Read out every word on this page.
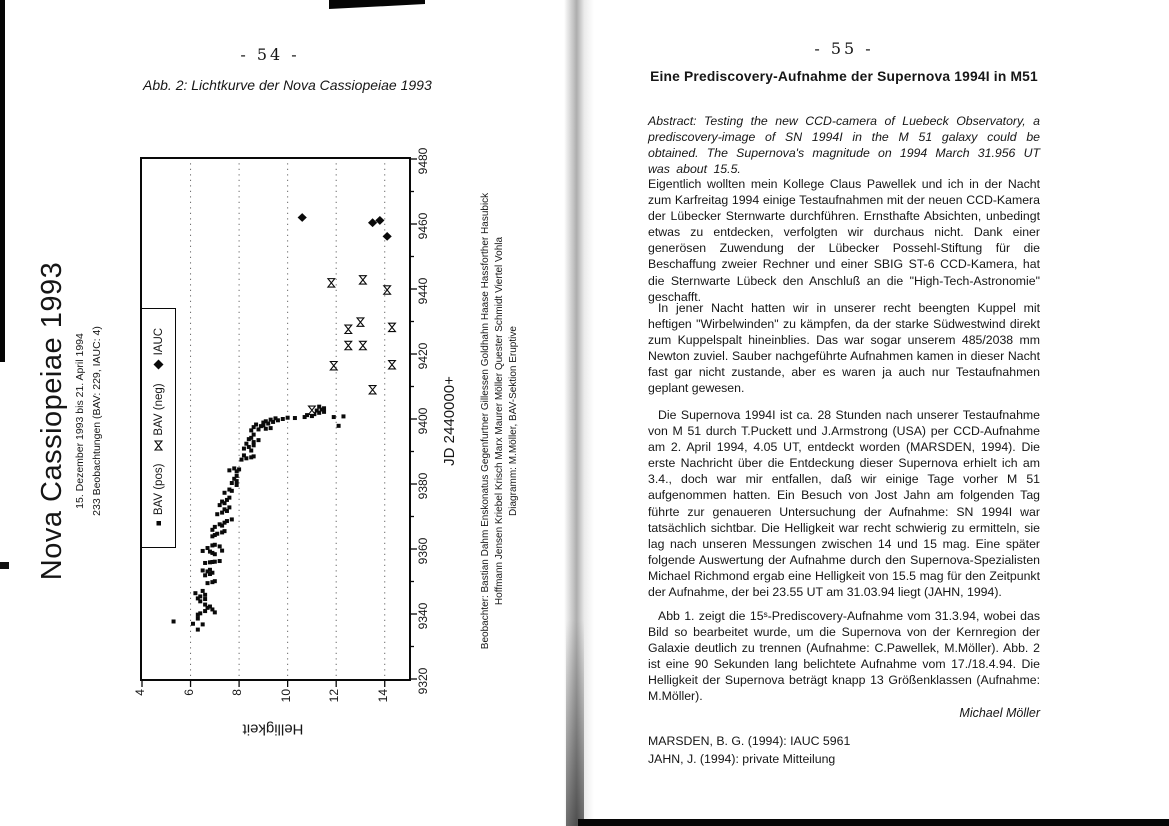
- 54 -
Abb. 2: Lichtkurve der Nova Cassiopeiae 1993
Nova Cassiopeiae 1993 15. Dezember 1993 bis 21. April 1994 233 Beobachtungen (BAV: 229, IAUC: 4)	BAV (pos)
BAV (neg)
IAUC
9320
9340
9360
9380
9400
9420
9440
9460
9480
4	6	8	10	12	14
JD 2440000+
Helligkeit
Beobachter: Bastian Dahm Enskonatus Gegenfurtner Gillessen Goldhahn Haase Hassforther Hasubick Hoffmann Jensen Kriebel Krisch Marx Maurer Möller Quester Schmidt Viertel Vohla Diagramm: M.Möller, BAV-Sektion Eruptive
- 55 -
Eine Prediscovery-Aufnahme der Supernova 1994I in M51
Abstract: Testing the new CCD-camera of Luebeck Observatory, a prediscovery-image of SN 1994I in the M 51 galaxy could be obtained. The Supernova's magnitude on 1994 March 31.956 UT was about 15.5.
Eigentlich wollten mein Kollege Claus Pawellek und ich in der Nacht zum Karfreitag 1994 einige Testaufnahmen mit der neuen CCD-Kamera der Lübecker Sternwarte durchführen. Ernsthafte Absichten, unbedingt etwas zu entdecken, verfolgten wir durchaus nicht. Dank einer generösen Zuwendung der Lübecker Possehl-Stiftung für die Beschaffung zweier Rechner und einer SBIG ST-6 CCD-Kamera, hat die Sternwarte Lübeck den Anschluß an die "High-Tech-Astronomie" geschafft.
In jener Nacht hatten wir in unserer recht beengten Kuppel mit heftigen "Wirbelwinden" zu kämpfen, da der starke Südwestwind direkt zum Kuppelspalt hineinblies. Das war sogar unserem 485/2038 mm Newton zuviel. Sauber nachgeführte Aufnahmen kamen in dieser Nacht fast gar nicht zustande, aber es waren ja auch nur Testaufnahmen geplant gewesen.
Die Supernova 1994I ist ca. 28 Stunden nach unserer Testaufnahme von M 51 durch T.Puckett und J.Armstrong (USA) per CCD-Aufnahme am 2. April 1994, 4.05 UT, entdeckt worden (MARSDEN, 1994). Die erste Nachricht über die Entdeckung dieser Supernova erhielt ich am 3.4., doch war mir entfallen, daß wir einige Tage vorher M 51 aufgenommen hatten. Ein Besuch von Jost Jahn am folgenden Tag führte zur genaueren Untersuchung der Aufnahme: SN 1994I war tatsächlich sichtbar. Die Helligkeit war recht schwierig zu ermitteln, sie lag nach unseren Messungen zwischen 14 und 15 mag. Eine später folgende Auswertung der Aufnahme durch den Supernova-Spezialisten Michael Richmond ergab eine Helligkeit von 15.5 mag für den Zeitpunkt der Aufnahme, der bei 23.55 UT am 31.03.94 liegt (JAHN, 1994).
Abb 1. zeigt die 15ˢ-Prediscovery-Aufnahme vom 31.3.94, wobei das Bild so bearbeitet wurde, um die Supernova von der Kernregion der Galaxie deutlich zu trennen (Aufnahme: C.Pawellek, M.Möller). Abb. 2 ist eine 90 Sekunden lang belichtete Aufnahme vom 17./18.4.94. Die Helligkeit der Supernova beträgt knapp 13 Größenklassen (Aufnahme: M.Möller).
Michael Möller
MARSDEN, B. G. (1994): IAUC 5961
JAHN, J. (1994): private Mitteilung
